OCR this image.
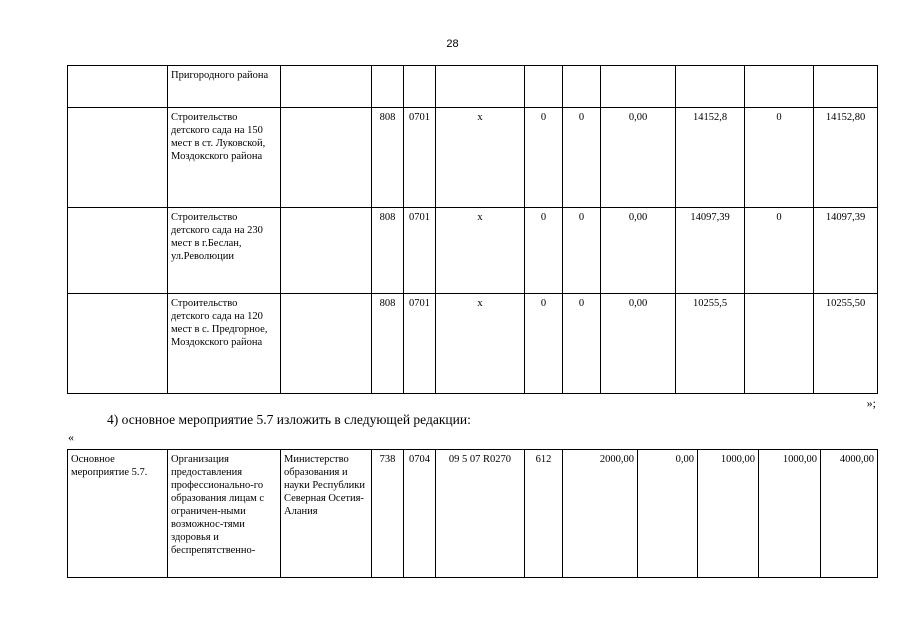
28
	Пригородного района										
	Строительство детского сада на 150 мест в ст. Луковской, Моздокского района		808	0701	х	0	0	0,00	14152,8	0	14152,80
	Строительство детского сада на 230 мест в г.Беслан, ул.Революции		808	0701	х	0	0	0,00	14097,39	0	14097,39
	Строительство детского сада на 120 мест в с. Предгорное, Моздокского района		808	0701	х	0	0	0,00	10255,5		10255,50
»;
4) основное мероприятие 5.7 изложить в следующей редакции:
«
Основное мероприятие 5.7.	Организация предоставления профессионально-го образования лицам с ограничен-ными возможнос-тями здоровья и беспрепятственно-	Министерство образования и науки Республики Северная Осетия-Алания	738	0704	09 5 07 R0270	612	2000,00	0,00	1000,00	1000,00	4000,00
